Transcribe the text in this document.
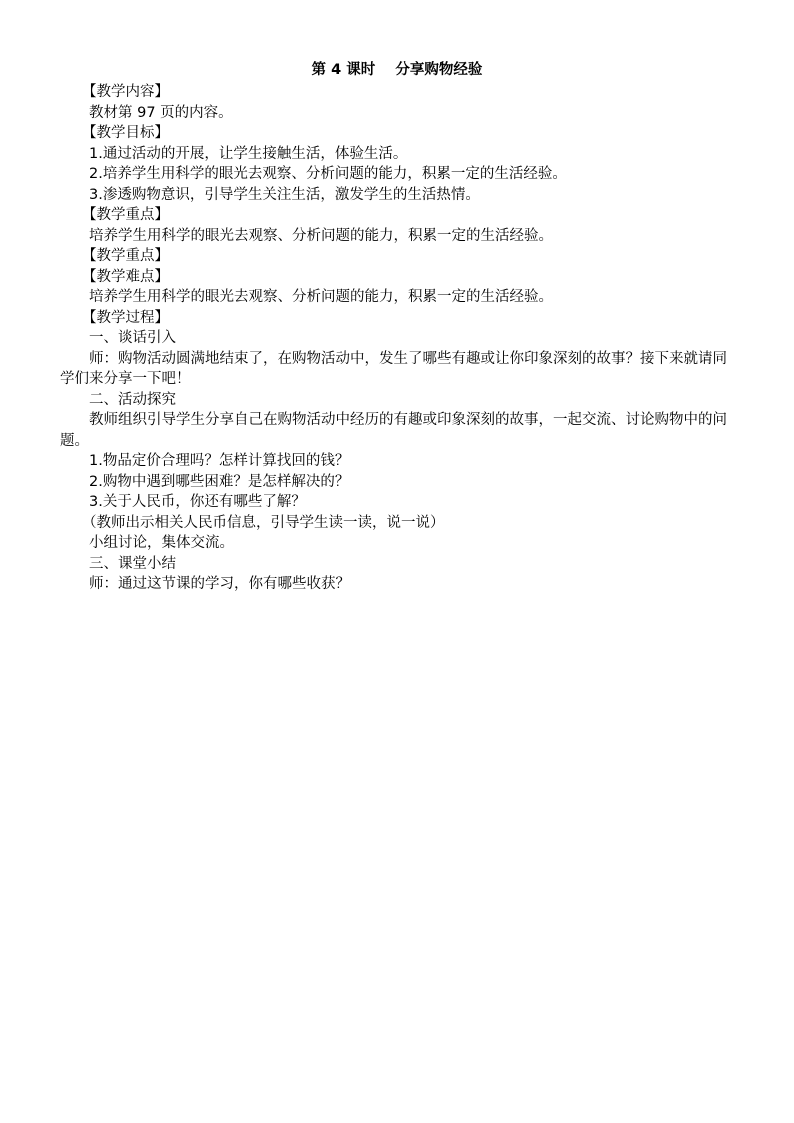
第 4 课时    分享购物经验

【教学内容】

教材第 97 页的内容。

【教学目标】

1.通过活动的开展，让学生接触生活，体验生活。

2.培养学生用科学的眼光去观察、分析问题的能力，积累一定的生活经验。

3.渗透购物意识，引导学生关注生活，激发学生的生活热情。

【教学重点】

培养学生用科学的眼光去观察、分析问题的能力，积累一定的生活经验。

【教学重点】

【教学难点】

培养学生用科学的眼光去观察、分析问题的能力，积累一定的生活经验。

【教学过程】

一、谈话引入

师：购物活动圆满地结束了，在购物活动中，发生了哪些有趣或让你印象深刻的故事？接下来就请同学们来分享一下吧！

二、活动探究

教师组织引导学生分享自己在购物活动中经历的有趣或印象深刻的故事，一起交流、讨论购物中的问题。

1.物品定价合理吗？怎样计算找回的钱？

2.购物中遇到哪些困难？是怎样解决的？

3.关于人民币，你还有哪些了解？

（教师出示相关人民币信息，引导学生读一读，说一说）

小组讨论，集体交流。

三、课堂小结

师：通过这节课的学习，你有哪些收获？
